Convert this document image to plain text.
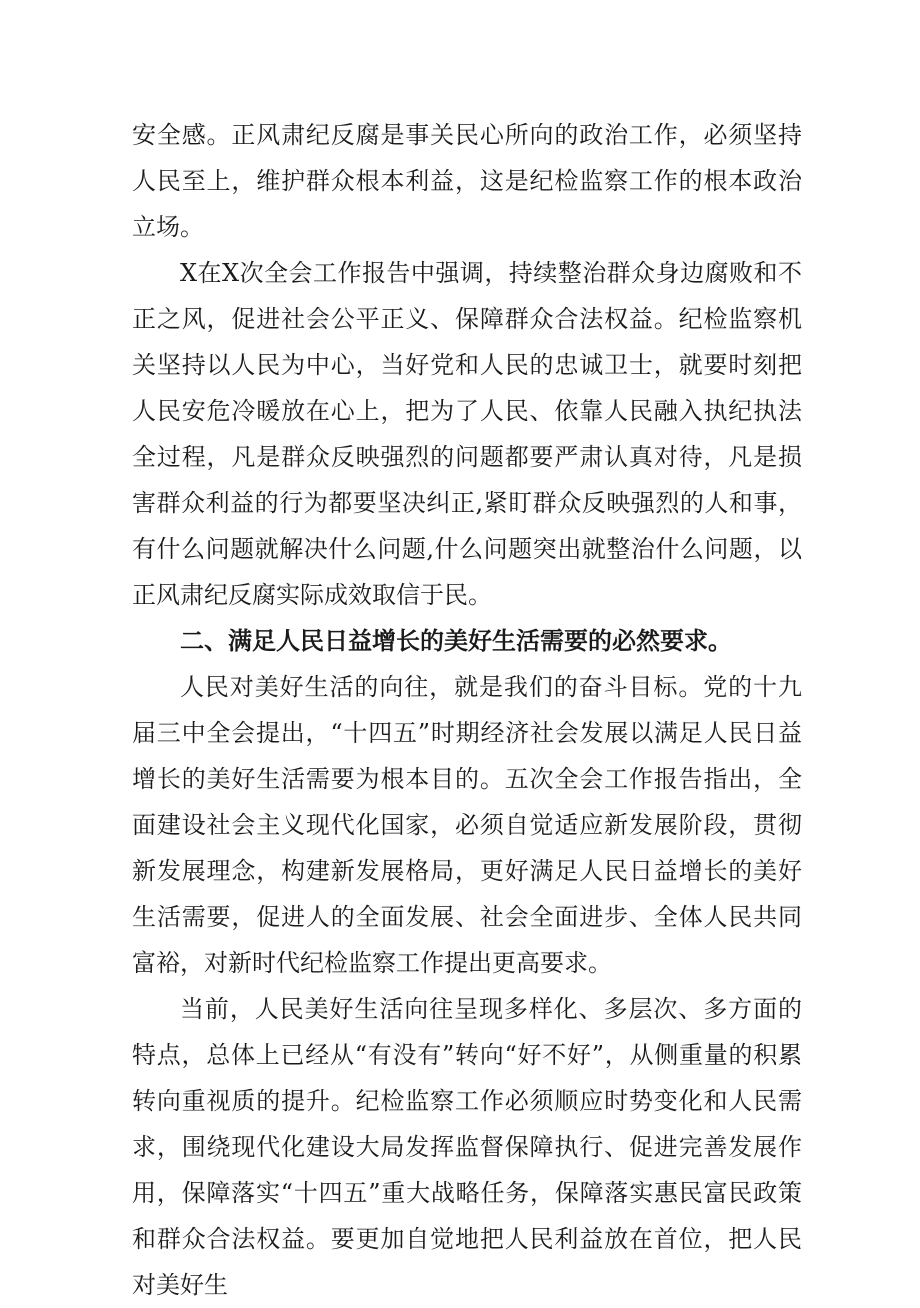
安全感。正风肃纪反腐是事关民心所向的政治工作，必须坚持人民至上，维护群众根本利益，这是纪检监察工作的根本政治立场。

X在X次全会工作报告中强调，持续整治群众身边腐败和不正之风，促进社会公平正义、保障群众合法权益。纪检监察机关坚持以人民为中心，当好党和人民的忠诚卫士，就要时刻把人民安危冷暖放在心上，把为了人民、依靠人民融入执纪执法全过程，凡是群众反映强烈的问题都要严肃认真对待，凡是损害群众利益的行为都要坚决纠正,紧盯群众反映强烈的人和事，有什么问题就解决什么问题,什么问题突出就整治什么问题，以正风肃纪反腐实际成效取信于民。

二、满足人民日益增长的美好生活需要的必然要求。

人民对美好生活的向往，就是我们的奋斗目标。党的十九届三中全会提出，“十四五”时期经济社会发展以满足人民日益增长的美好生活需要为根本目的。五次全会工作报告指出，全面建设社会主义现代化国家，必须自觉适应新发展阶段，贯彻新发展理念，构建新发展格局，更好满足人民日益增长的美好生活需要，促进人的全面发展、社会全面进步、全体人民共同富裕，对新时代纪检监察工作提出更高要求。

当前，人民美好生活向往呈现多样化、多层次、多方面的特点，总体上已经从“有没有”转向“好不好”，从侧重量的积累转向重视质的提升。纪检监察工作必须顺应时势变化和人民需求，围绕现代化建设大局发挥监督保障执行、促进完善发展作用，保障落实“十四五”重大战略任务，保障落实惠民富民政策和群众合法权益。要更加自觉地把人民利益放在首位，把人民对美好生
